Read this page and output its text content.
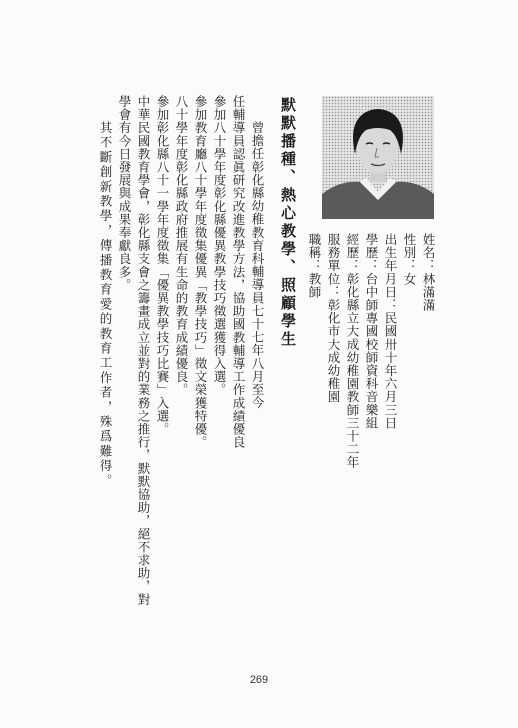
姓名：林滿滿
性別：女
出生年月日：民國卅十年六月三日
學歷：台中師專國校師資科音樂組
經歷：彰化縣立大成幼稚園教師三十二年
服務單位：彰化市大成幼稚園
職稱：教師
默默播種、熱心教學、照顧學生
曾擔任彰化縣幼稚教育科輔導員七十七年八月至今
任輔導員認眞研究改進教學方法，協助國教輔導工作成績優良
參加八十學年度彰化縣優異教學技巧徵選獲得入選。
參加教育廳八十學年度徵集優異「教學技巧」徵文榮獲特優。
八十學年度彰化縣政府推展有生命的教育成績優良。
參加彰化縣八十一學年度徵集「優異教學技巧比賽」入選。
中華民國教育學會，彰化縣支會之籌畫成立並對的業務之推行，默默協助，絕不求助，對
學會有今日發展與成果奉獻良多。
其不斷創新教學，傳播教育愛的教育工作者，殊爲難得。
269
